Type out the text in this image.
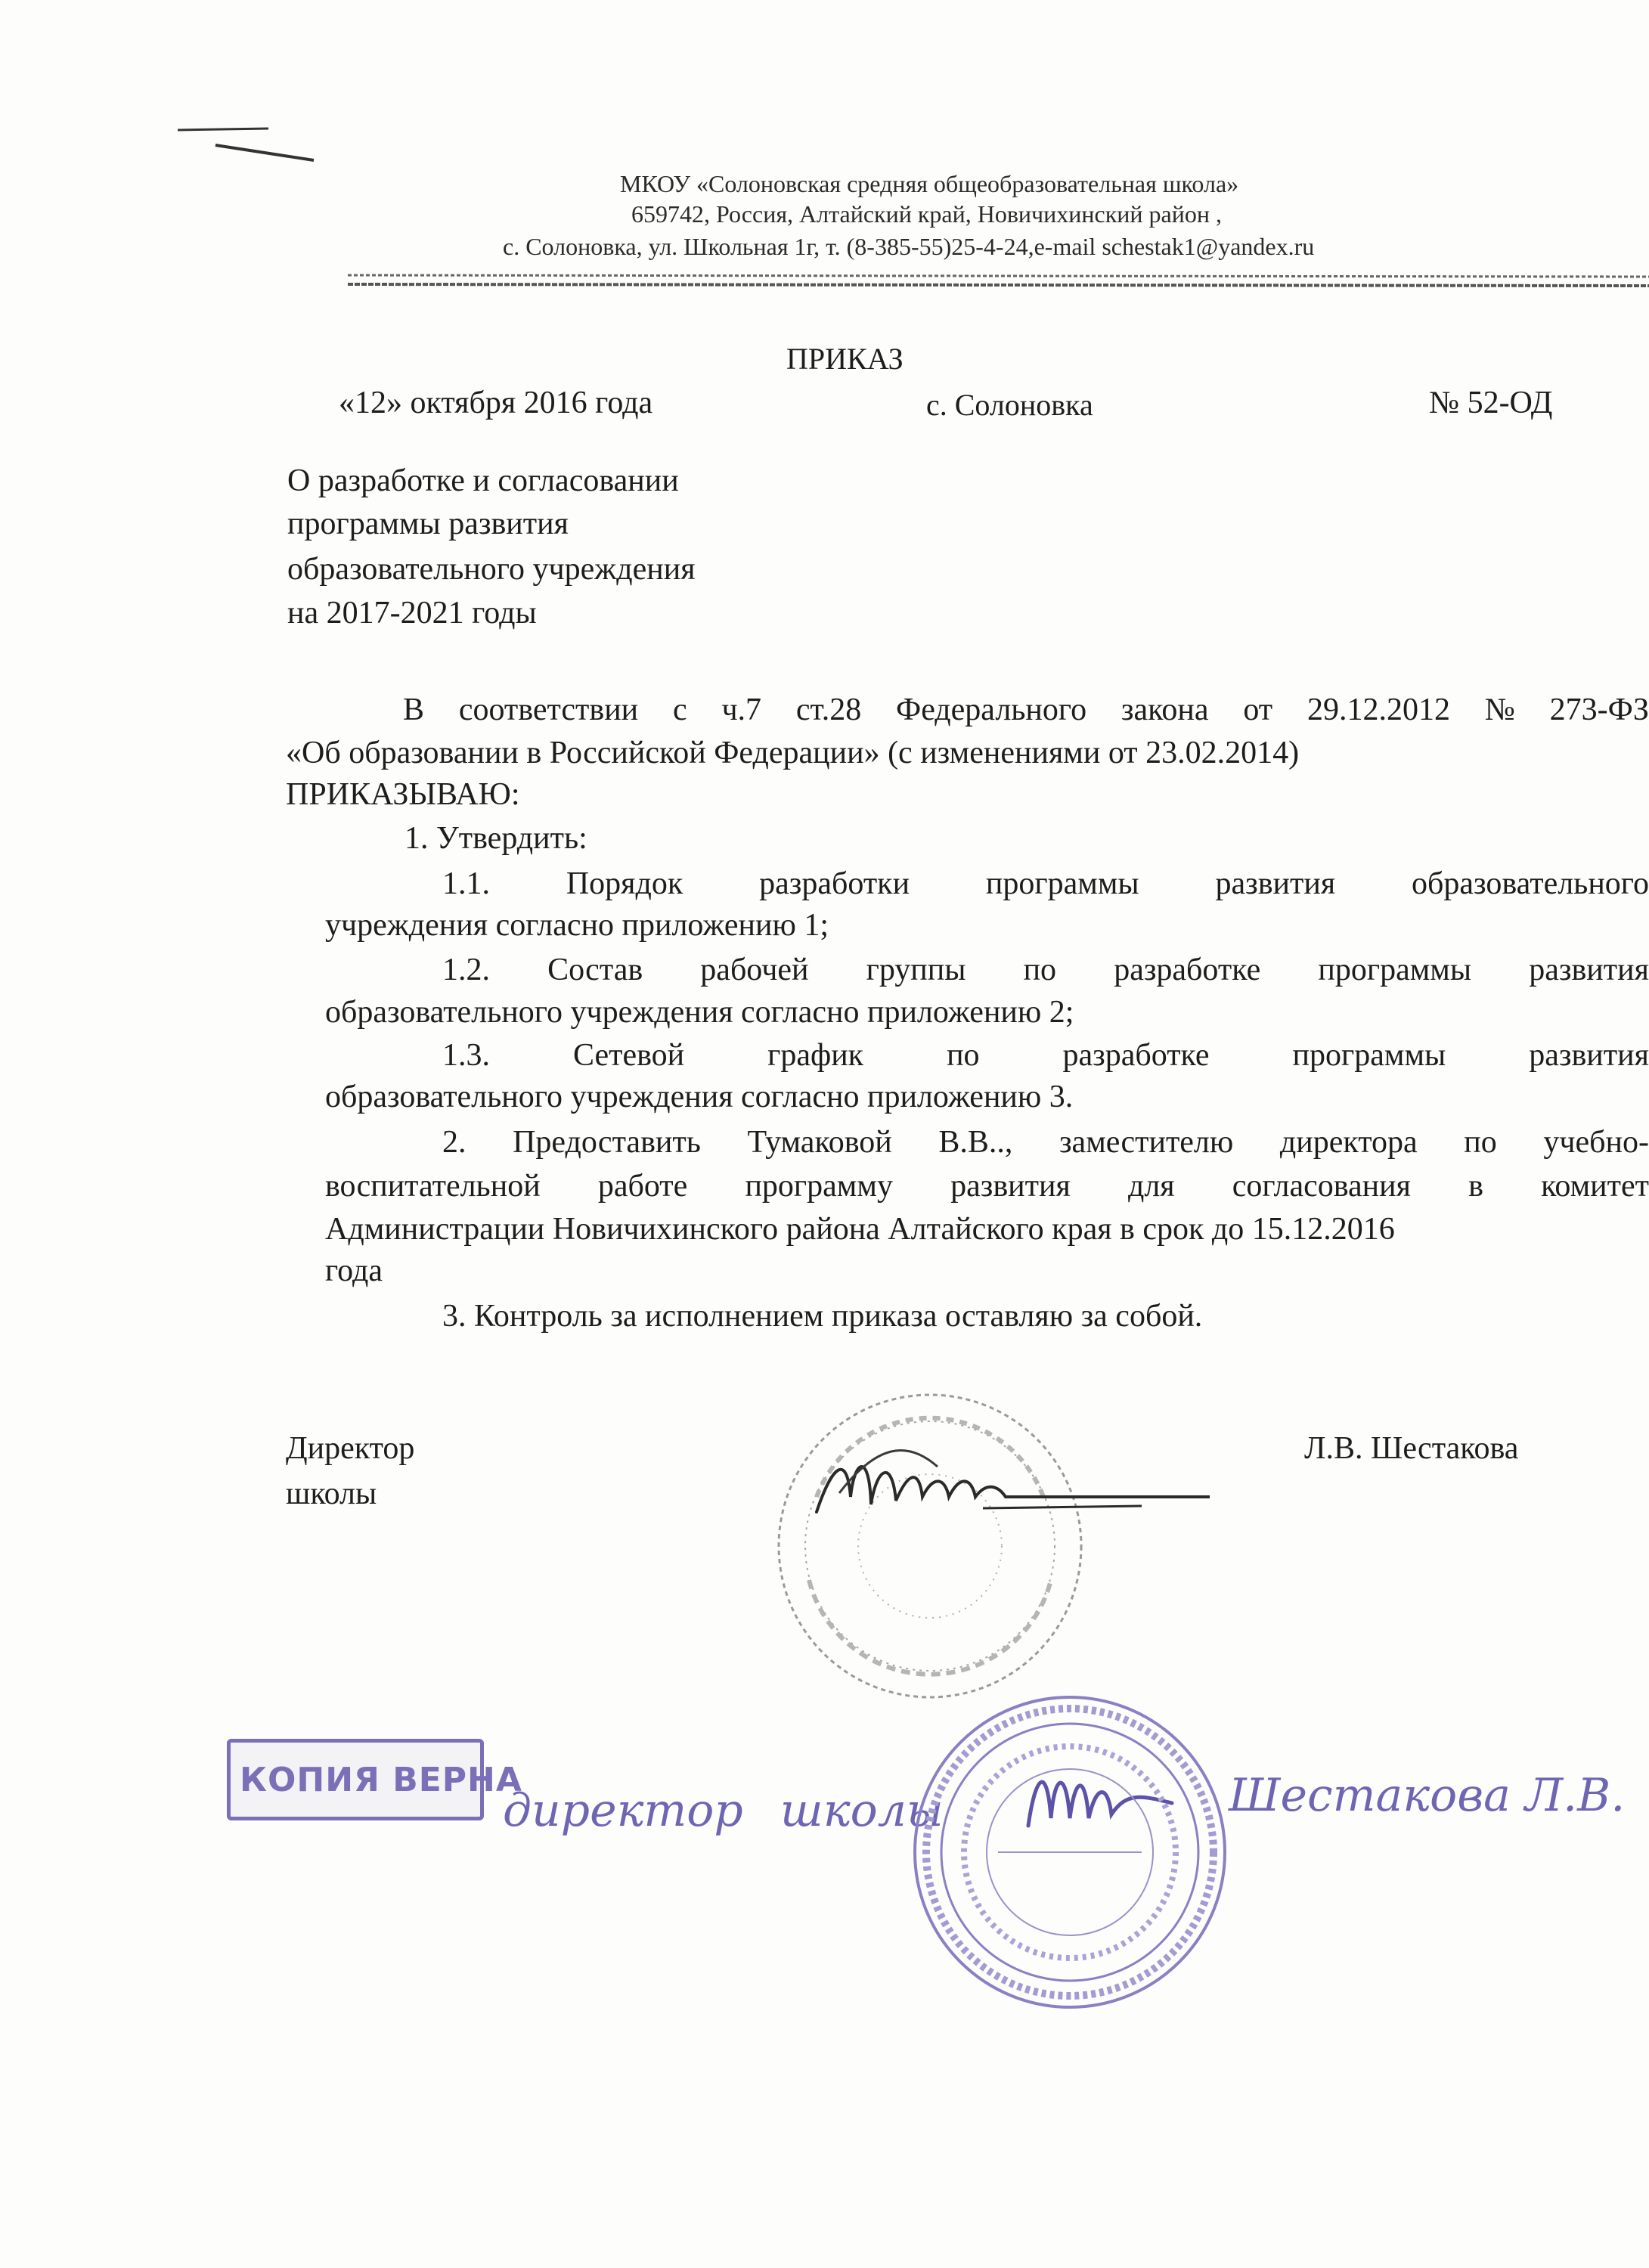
МКОУ «Солоновская средняя общеобразовательная школа»
659742, Россия, Алтайский край, Новичихинский район ,
с. Солоновка, ул. Школьная 1г, т. (8-385-55)25-4-24,e-mail schestak1@yandex.ru
ПРИКАЗ
«12» октября 2016 года	с. Солоновка	№ 52-ОД
О разработке и согласовании
программы развития
образовательного учреждения
на 2017-2021 годы
В соответствии с ч.7 ст.28 Федерального закона от 29.12.2012 № 273-ФЗ
«Об образовании в Российской Федерации» (с изменениями от 23.02.2014)
ПРИКАЗЫВАЮ:
1. Утвердить:
1.1. Порядок разработки программы развития образовательного
учреждения согласно приложению 1;
1.2. Состав рабочей группы по разработке программы развития
образовательного учреждения согласно приложению 2;
1.3.	Сетевой	график	по	разработке	программы	развития
образовательного учреждения согласно приложению 3.
2. Предоставить Тумаковой В.В.., заместителю директора по учебно-
воспитательной работе программу развития для согласования в комитет
Администрации Новичихинского района Алтайского края в срок до 15.12.2016
года
3. Контроль за исполнением приказа оставляю за собой.
Директор
школы
Л.В. Шестакова
КОПИЯ ВЕРНА
директор школы	Шестакова Л.В.
